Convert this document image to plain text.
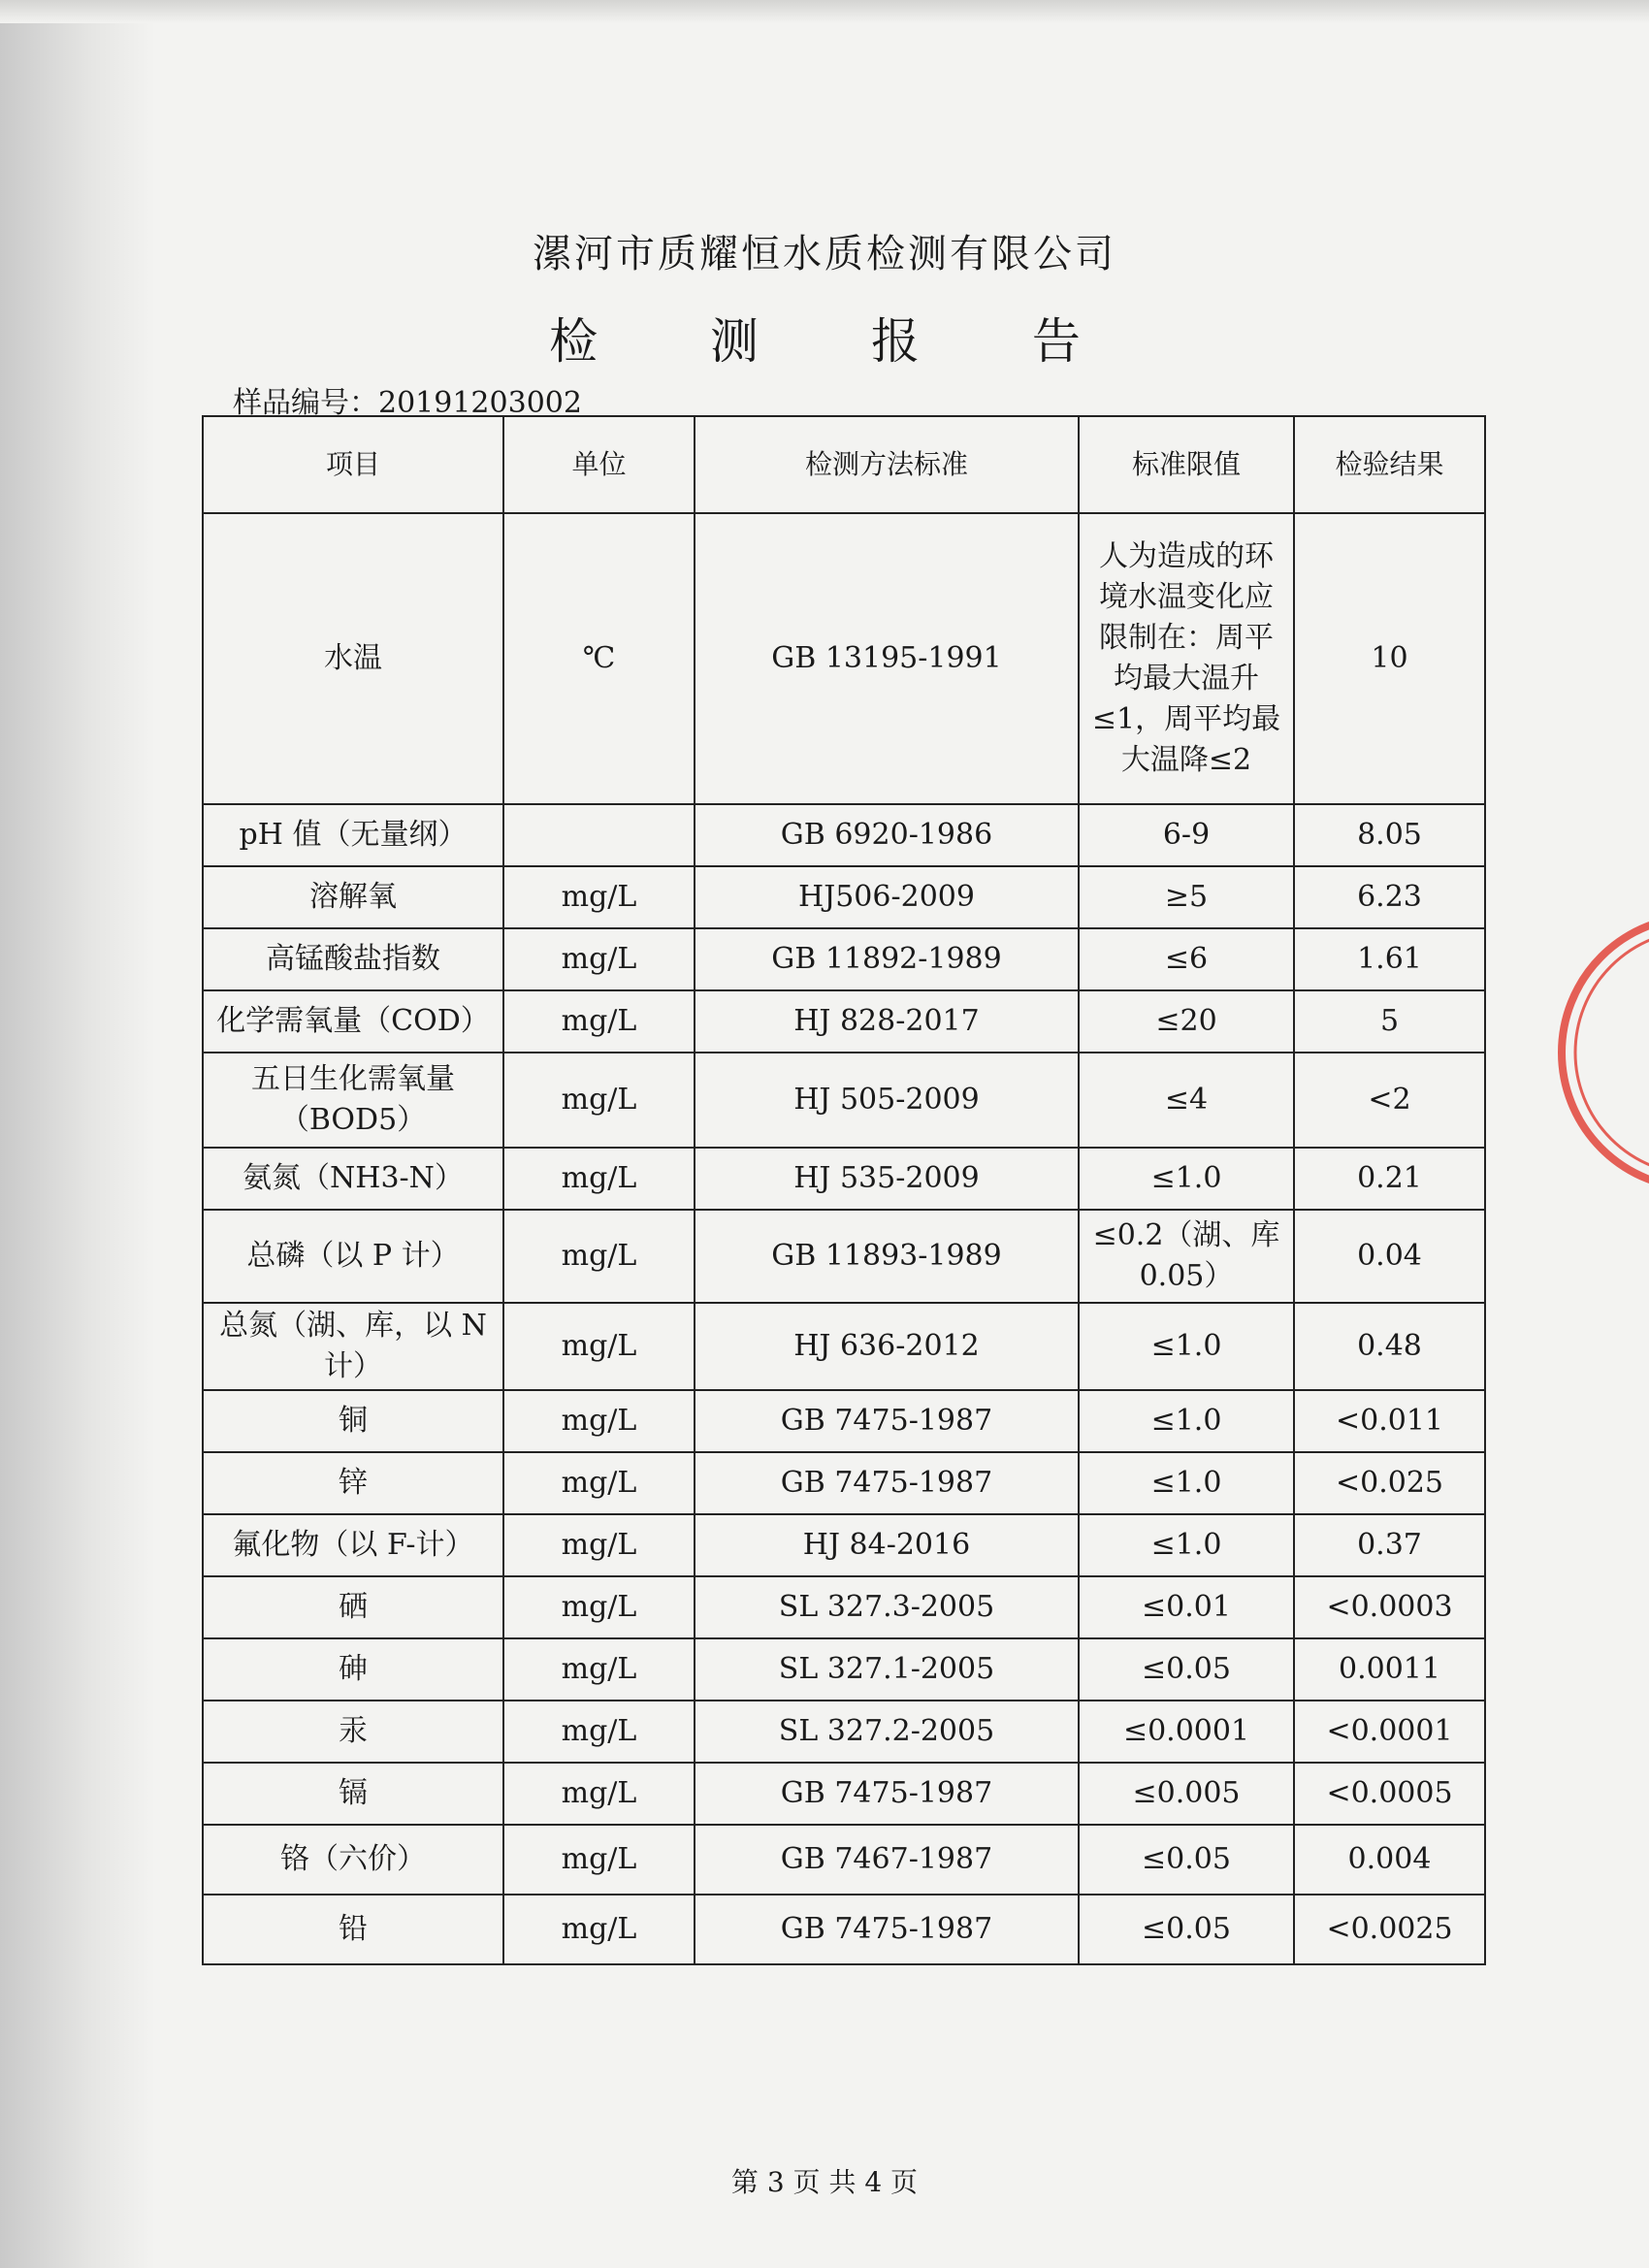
漯河市质耀恒水质检测有限公司
检 测 报 告
样品编号：20191203002
项目	单位	检测方法标准	标准限值	检验结果
水温	℃	GB 13195-1991	人为造成的环境水温变化应限制在：周平均最大温升≤1，周平均最大温降≤2	10
pH 值（无量纲）		GB 6920-1986	6-9	8.05
溶解氧	mg/L	HJ506-2009	≥5	6.23
高锰酸盐指数	mg/L	GB 11892-1989	≤6	1.61
化学需氧量（COD）	mg/L	HJ 828-2017	≤20	5
五日生化需氧量（BOD5）	mg/L	HJ 505-2009	≤4	<2
氨氮（NH3-N）	mg/L	HJ 535-2009	≤1.0	0.21
总磷（以 P 计）	mg/L	GB 11893-1989	≤0.2（湖、库0.05）	0.04
总氮（湖、库，以 N 计）	mg/L	HJ 636-2012	≤1.0	0.48
铜	mg/L	GB 7475-1987	≤1.0	<0.011
锌	mg/L	GB 7475-1987	≤1.0	<0.025
氟化物（以 F-计）	mg/L	HJ 84-2016	≤1.0	0.37
硒	mg/L	SL 327.3-2005	≤0.01	<0.0003
砷	mg/L	SL 327.1-2005	≤0.05	0.0011
汞	mg/L	SL 327.2-2005	≤0.0001	<0.0001
镉	mg/L	GB 7475-1987	≤0.005	<0.0005
铬（六价）	mg/L	GB 7467-1987	≤0.05	0.004
铅	mg/L	GB 7475-1987	≤0.05	<0.0025
第 3 页 共 4 页
